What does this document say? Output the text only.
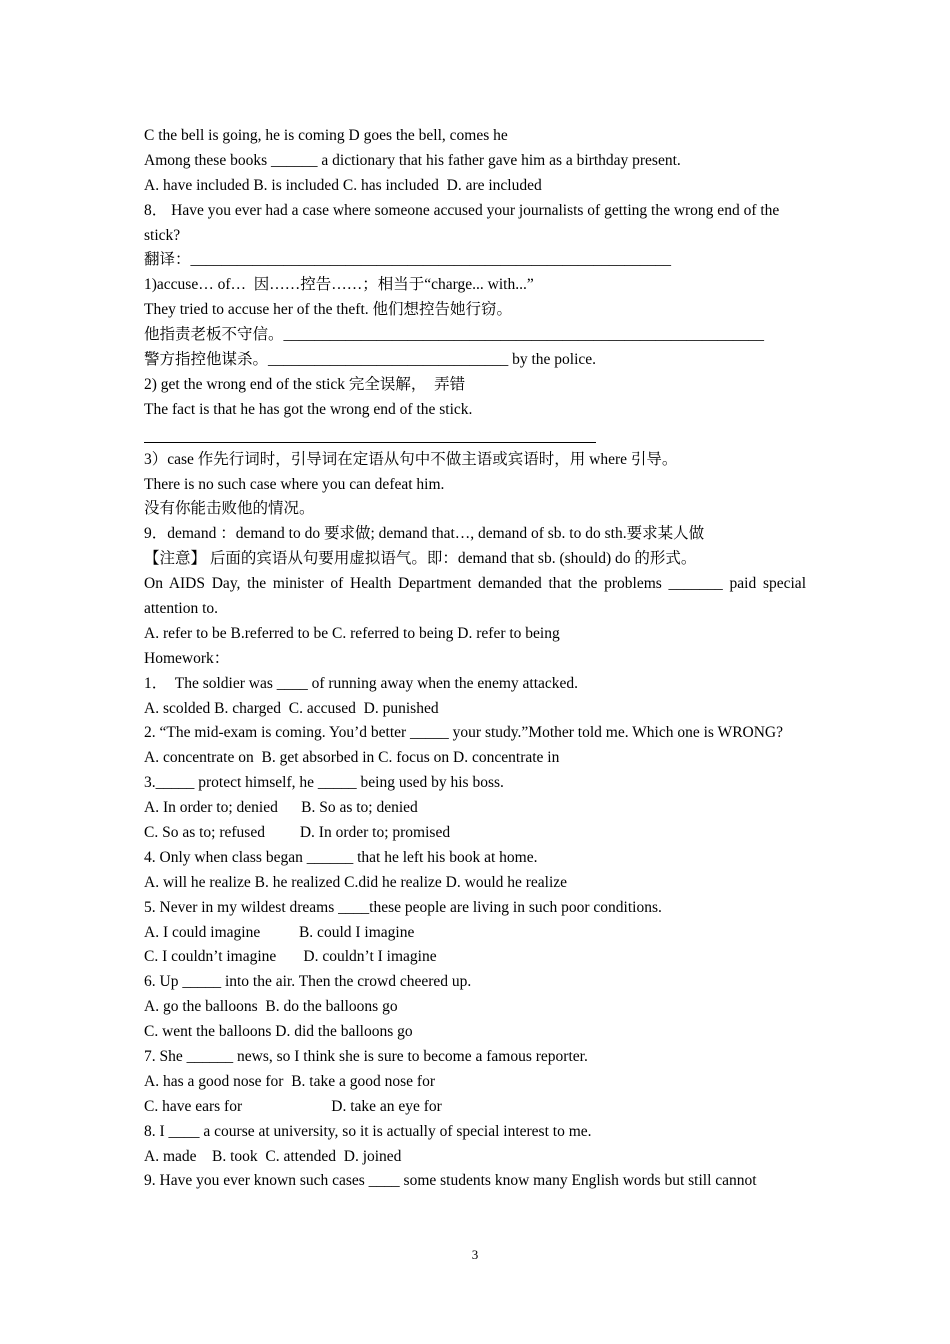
C the bell is going, he is coming D goes the bell, comes he
Among these books ______ a dictionary that his father gave him as a birthday present.
A. have included B. is included C. has included  D. are included
8． Have you ever had a case where someone accused your journalists of getting the wrong end of the stick?
翻译：______________________________________________________________
1)accuse… of…  因……控告……；相当于“charge... with...”
They tried to accuse her of the theft. 他们想控告她行窃。
他指责老板不守信。______________________________________________________________
警方指控他谋杀。_______________________________ by the police.
2) get the wrong end of the stick 完全误解，  弄错
The fact is that he has got the wrong end of the stick.
3）case 作先行词时，引导词在定语从句中不做主语或宾语时，用 where 引导。
There is no such case where you can defeat him.
没有你能击败他的情况。
9．demand ：demand to do 要求做; demand that…, demand of sb. to do sth.要求某人做
【注意】 后面的宾语从句要用虚拟语气。即：demand that sb. (should) do 的形式。
On AIDS Day, the minister of Health Department demanded that the problems _______ paid special attention to.
A. refer to be B.referred to be C. referred to being D. refer to being
Homework：
1．  The soldier was ____ of running away when the enemy attacked.
A. scolded B. charged  C. accused  D. punished
2. “The mid-exam is coming. You’d better _____ your study.”Mother told me. Which one is WRONG?
A. concentrate on  B. get absorbed in C. focus on D. concentrate in
3._____ protect himself, he _____ being used by his boss.
A. In order to; denied      B. So as to; denied
C. So as to; refused         D. In order to; promised
4. Only when class began ______ that he left his book at home.
A. will he realize B. he realized C.did he realize D. would he realize
5. Never in my wildest dreams ____these people are living in such poor conditions.
A. I could imagine          B. could I imagine
C. I couldn’t imagine       D. couldn’t I imagine
6. Up _____ into the air. Then the crowd cheered up.
A. go the balloons  B. do the balloons go
C. went the balloons D. did the balloons go
7. She ______ news, so I think she is sure to become a famous reporter.
A. has a good nose for  B. take a good nose for
C. have ears for                       D. take an eye for
8. I ____ a course at university, so it is actually of special interest to me.
A. made    B. took  C. attended  D. joined
9. Have you ever known such cases ____ some students know many English words but still cannot
3
